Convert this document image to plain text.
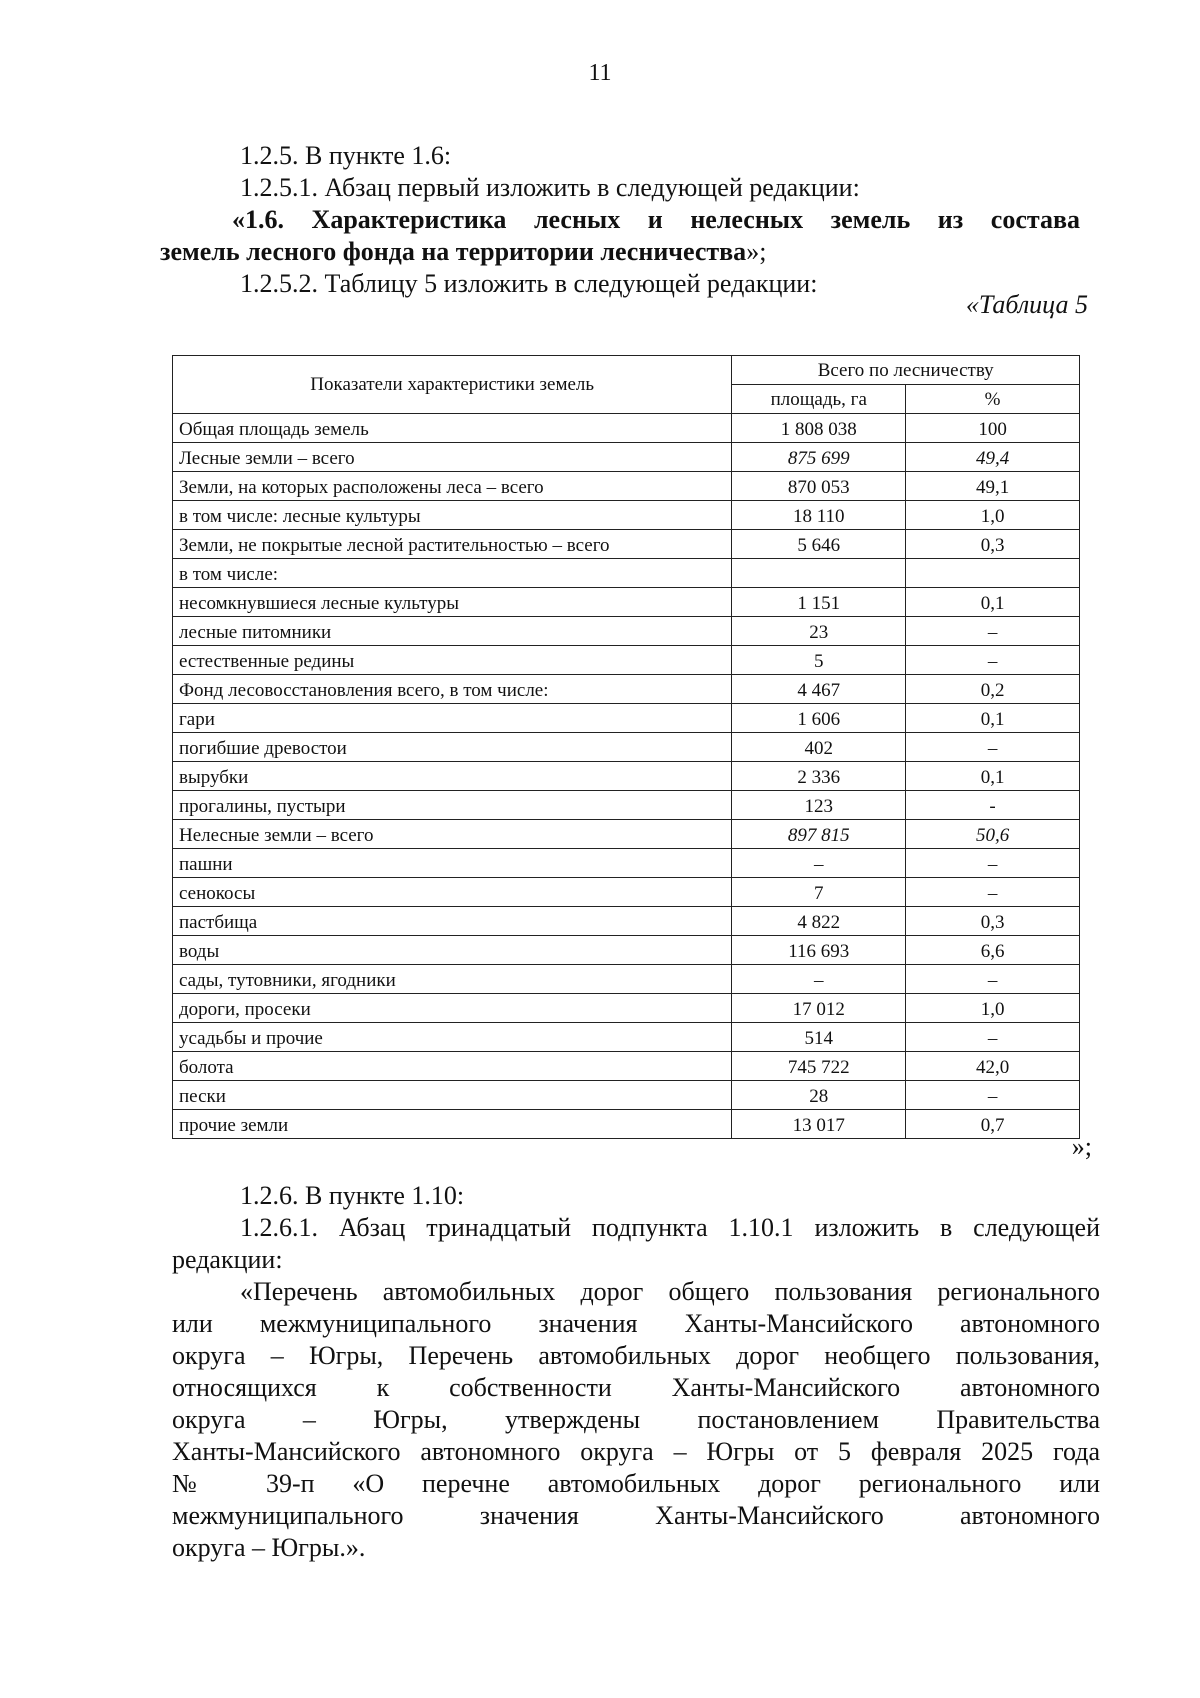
11

1.2.5. В пункте 1.6:

1.2.5.1. Абзац первый изложить в следующей редакции:

«1.6. Характеристика лесных и нелесных земель из состава

земель лесного фонда на территории лесничества»;

1.2.5.2. Таблицу 5 изложить в следующей редакции:

«Таблица 5
Показатели характеристики земель	Всего по лесничеству	
	площадь, га	%
Общая площадь земель	1 808 038	100
Лесные земли – всего	875 699	49,4
Земли, на которых расположены леса – всего	870 053	49,1
в том числе: лесные культуры	18 110	1,0
Земли, не покрытые лесной растительностью – всего	5 646	0,3
в том числе:		
несомкнувшиеся лесные культуры	1 151	0,1
лесные питомники	23	–
естественные редины	5	–
Фонд лесовосстановления всего, в том числе:	4 467	0,2
гари	1 606	0,1
погибшие древостои	402	–
вырубки	2 336	0,1
прогалины, пустыри	123	-
Нелесные земли – всего	897 815	50,6
пашни	–	–
сенокосы	7	–
пастбища	4 822	0,3
воды	116 693	6,6
сады, тутовники, ягодники	–	–
дороги, просеки	17 012	1,0
усадьбы и прочие	514	–
болота	745 722	42,0
пески	28	–
прочие земли	13 017	0,7
»;

1.2.6. В пункте 1.10:

1.2.6.1. Абзац тринадцатый подпункта 1.10.1 изложить в следующей

редакции:

«Перечень автомобильных дорог общего пользования регионального

или межмуниципального значения Ханты-Мансийского автономного

округа – Югры, Перечень автомобильных дорог необщего пользования,

относящихся к собственности Ханты-Мансийского автономного

округа – Югры, утверждены постановлением Правительства

Ханты-Мансийского автономного округа – Югры от 5 февраля 2025 года

№ 39-п «О перечне автомобильных дорог регионального или

межмуниципального значения Ханты-Мансийского автономного

округа – Югры.».
